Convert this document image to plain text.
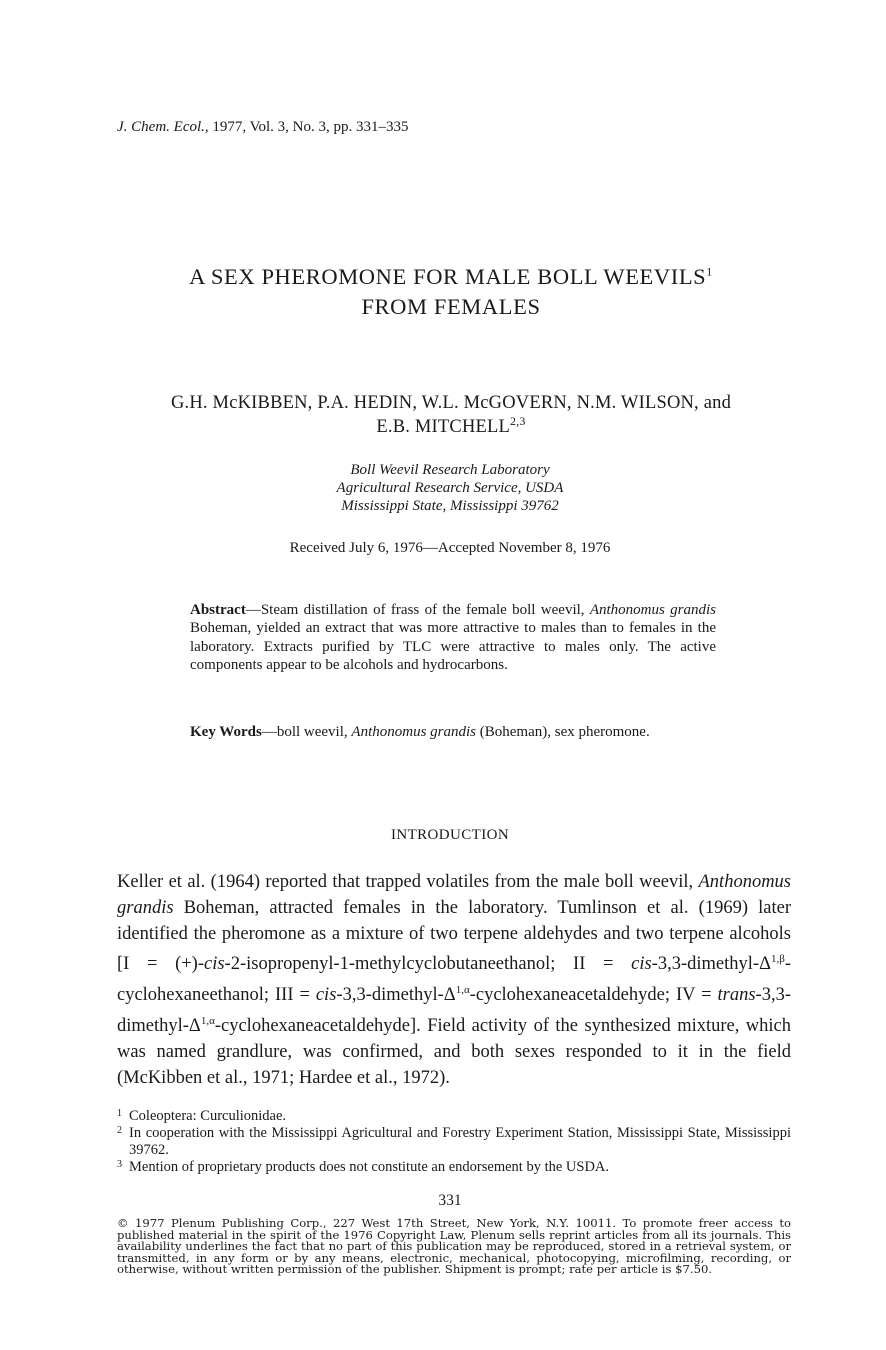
J. Chem. Ecol., 1977, Vol. 3, No. 3, pp. 331–335
A SEX PHEROMONE FOR MALE BOLL WEEVILS$^1$
FROM FEMALES
G.H. McKIBBEN, P.A. HEDIN, W.L. McGOVERN, N.M. WILSON, and
E.B. MITCHELL$^{2,3}$
Boll Weevil Research Laboratory
Agricultural Research Service, USDA
Mississippi State, Mississippi 39762
Received July 6, 1976—Accepted November 8, 1976
Abstract—Steam distillation of frass of the female boll weevil, Anthonomus grandis Boheman, yielded an extract that was more attractive to males than to females in the laboratory. Extracts purified by TLC were attractive to males only. The active components appear to be alcohols and hydrocarbons.
Key Words—boll weevil, Anthonomus grandis (Boheman), sex pheromone.
INTRODUCTION
Keller et al. (1964) reported that trapped volatiles from the male boll weevil, Anthonomus grandis Boheman, attracted females in the laboratory. Tumlinson et al. (1969) later identified the pheromone as a mixture of two terpene aldehydes and two terpene alcohols [I = (+)-cis-2-isopropenyl-1-methylcyclobutaneethanol; II = cis-3,3-dimethyl-Δ$^{1,\beta}$-cyclohexaneethanol; III = cis-3,3-dimethyl-Δ$^{1,\alpha}$-cyclohexaneacetaldehyde; IV = trans-3,3-dimethyl-Δ$^{1,\alpha}$-cyclohexaneacetaldehyde]. Field activity of the synthesized mixture, which was named grandlure, was confirmed, and both sexes responded to it in the field (McKibben et al., 1971; Hardee et al., 1972).
1 Coleoptera: Curculionidae.
2 In cooperation with the Mississippi Agricultural and Forestry Experiment Station, Mississippi State, Mississippi 39762.
3 Mention of proprietary products does not constitute an endorsement by the USDA.
331
© 1977 Plenum Publishing Corp., 227 West 17th Street, New York, N.Y. 10011. To promote freer access to published material in the spirit of the 1976 Copyright Law, Plenum sells reprint articles from all its journals. This availability underlines the fact that no part of this publication may be reproduced, stored in a retrieval system, or transmitted, in any form or by any means, electronic, mechanical, photocopying, microfilming, recording, or otherwise, without written permission of the publisher. Shipment is prompt; rate per article is $7.50.
